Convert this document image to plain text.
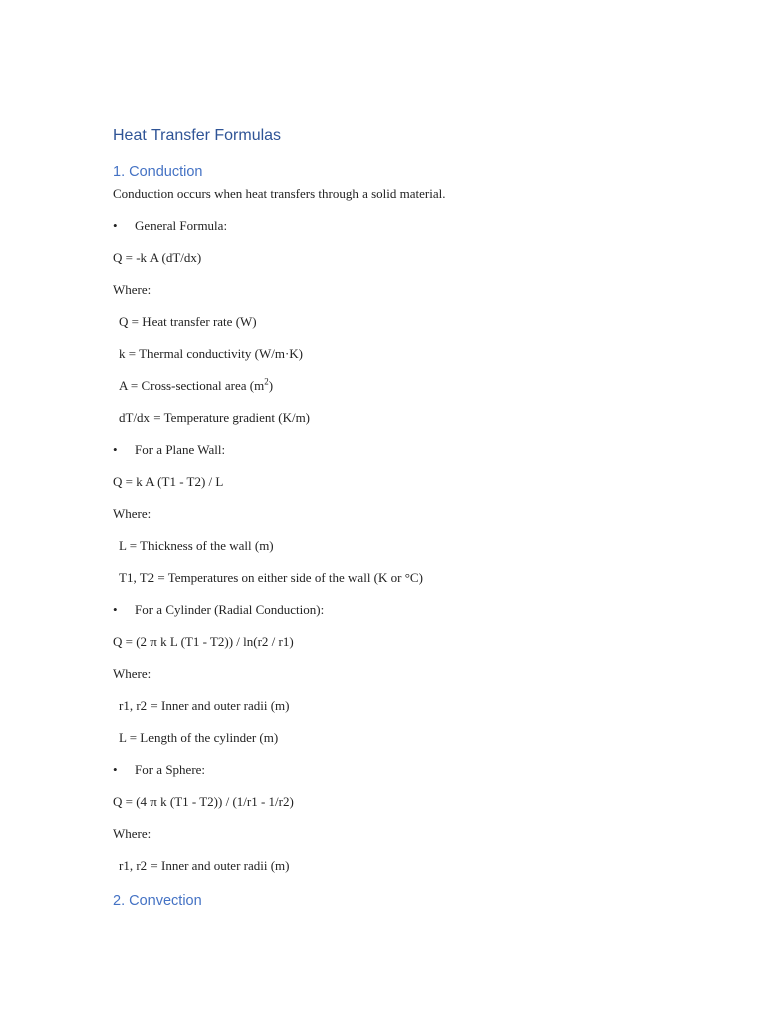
Heat Transfer Formulas
1. Conduction
Conduction occurs when heat transfers through a solid material.
• General Formula:
Q = -k A (dT/dx)
Where:
Q = Heat transfer rate (W)
k = Thermal conductivity (W/m·K)
A = Cross-sectional area $(m^2)$
dT/dx = Temperature gradient (K/m)
• For a Plane Wall:
Q = k A (T1 - T2) / L
Where:
L = Thickness of the wall (m)
T1, T2 = Temperatures on either side of the wall (K or °C)
• For a Cylinder (Radial Conduction):
Q = (2 π k L (T1 - T2)) / ln(r2 / r1)
Where:
r1, r2 = Inner and outer radii (m)
L = Length of the cylinder (m)
• For a Sphere:
Q = (4 π k (T1 - T2)) / (1/r1 - 1/r2)
Where:
r1, r2 = Inner and outer radii (m)
2. Convection
